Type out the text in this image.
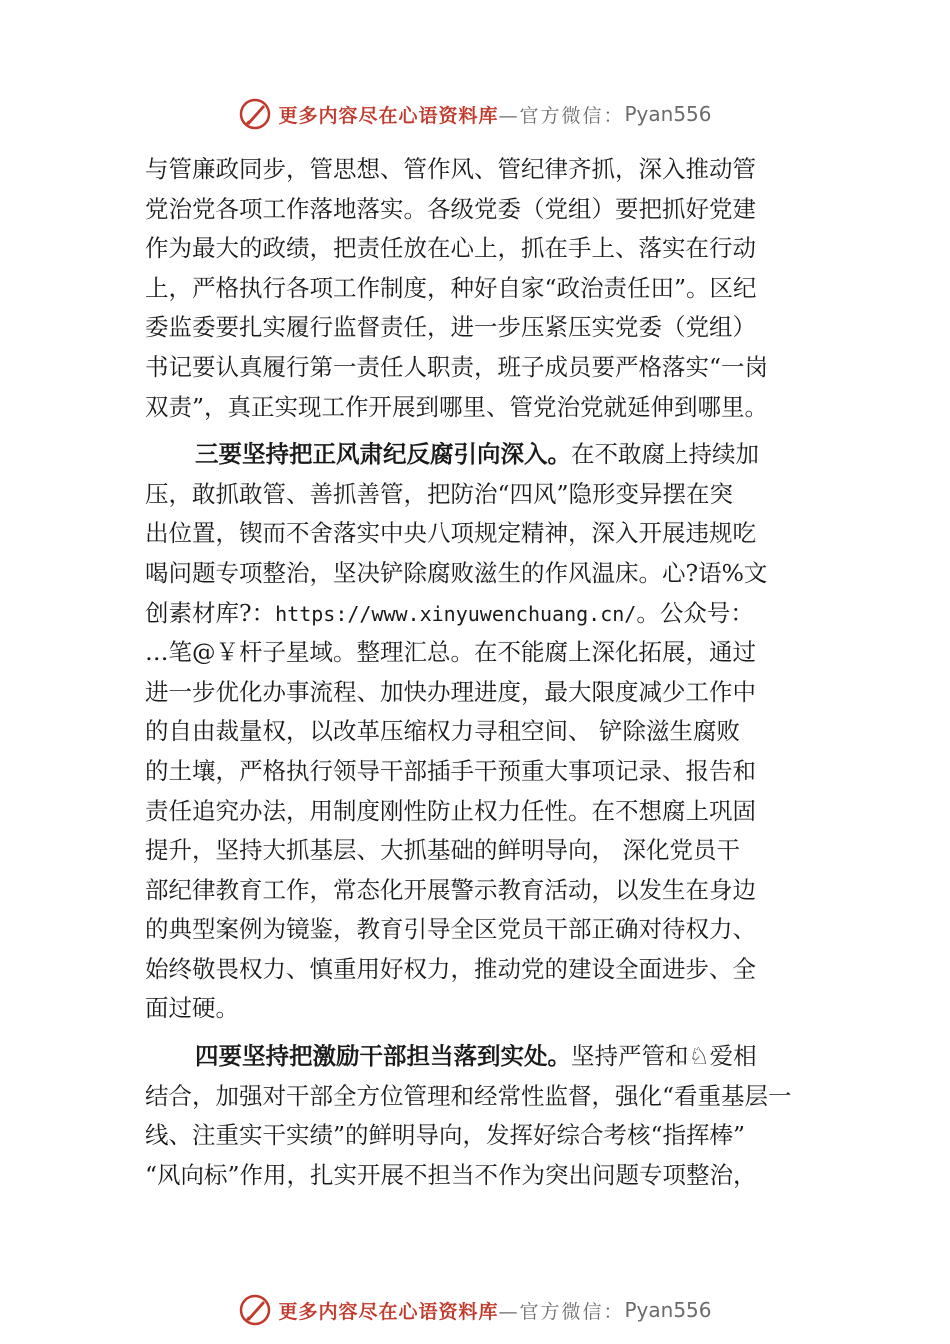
更多内容尽在心语资料库 —官方微信： Pyan556
与管廉政同步，管思想、管作风、管纪律齐抓，深入推动管
党治党各项工作落地落实。各级党委（党组）要把抓好党建
作为最大的政绩，把责任放在心上，抓在手上、落实在行动
上，严格执行各项工作制度，种好自家“政治责任田”。区纪
委监委要扎实履行监督责任，进一步压紧压实党委（党组）
书记要认真履行第一责任人职责，班子成员要严格落实“一岗
双责”，真正实现工作开展到哪里、管党治党就延伸到哪里。
三要坚持把正风肃纪反腐引向深入。在不敢腐上持续加
压，敢抓敢管、善抓善管，把防治“四风”隐形变异摆在突
出位置，锲而不舍落实中央八项规定精神，深入开展违规吃
喝问题专项整治，坚决铲除腐败滋生的作风温床。心?语%文
创素材库?：https://www.xinyuwenchuang.cn/。公众号：
…笔@￥杆子星域。整理汇总。在不能腐上深化拓展，通过
进一步优化办事流程、加快办理进度，最大限度减少工作中
的自由裁量权，以改革压缩权力寻租空间、 铲除滋生腐败
的土壤，严格执行领导干部插手干预重大事项记录、报告和
责任追究办法，用制度刚性防止权力任性。在不想腐上巩固
提升，坚持大抓基层、大抓基础的鲜明导向， 深化党员干
部纪律教育工作，常态化开展警示教育活动，以发生在身边
的典型案例为镜鉴，教育引导全区党员干部正确对待权力、
始终敬畏权力、慎重用好权力，推动党的建设全面进步、全
面过硬。
四要坚持把激励干部担当落到实处。坚持严管和♘爱相
结合，加强对干部全方位管理和经常性监督，强化“看重基层一
线、注重实干实绩”的鲜明导向，发挥好综合考核“指挥棒”
“风向标”作用，扎实开展不担当不作为突出问题专项整治，
更多内容尽在心语资料库 —官方微信： Pyan556
